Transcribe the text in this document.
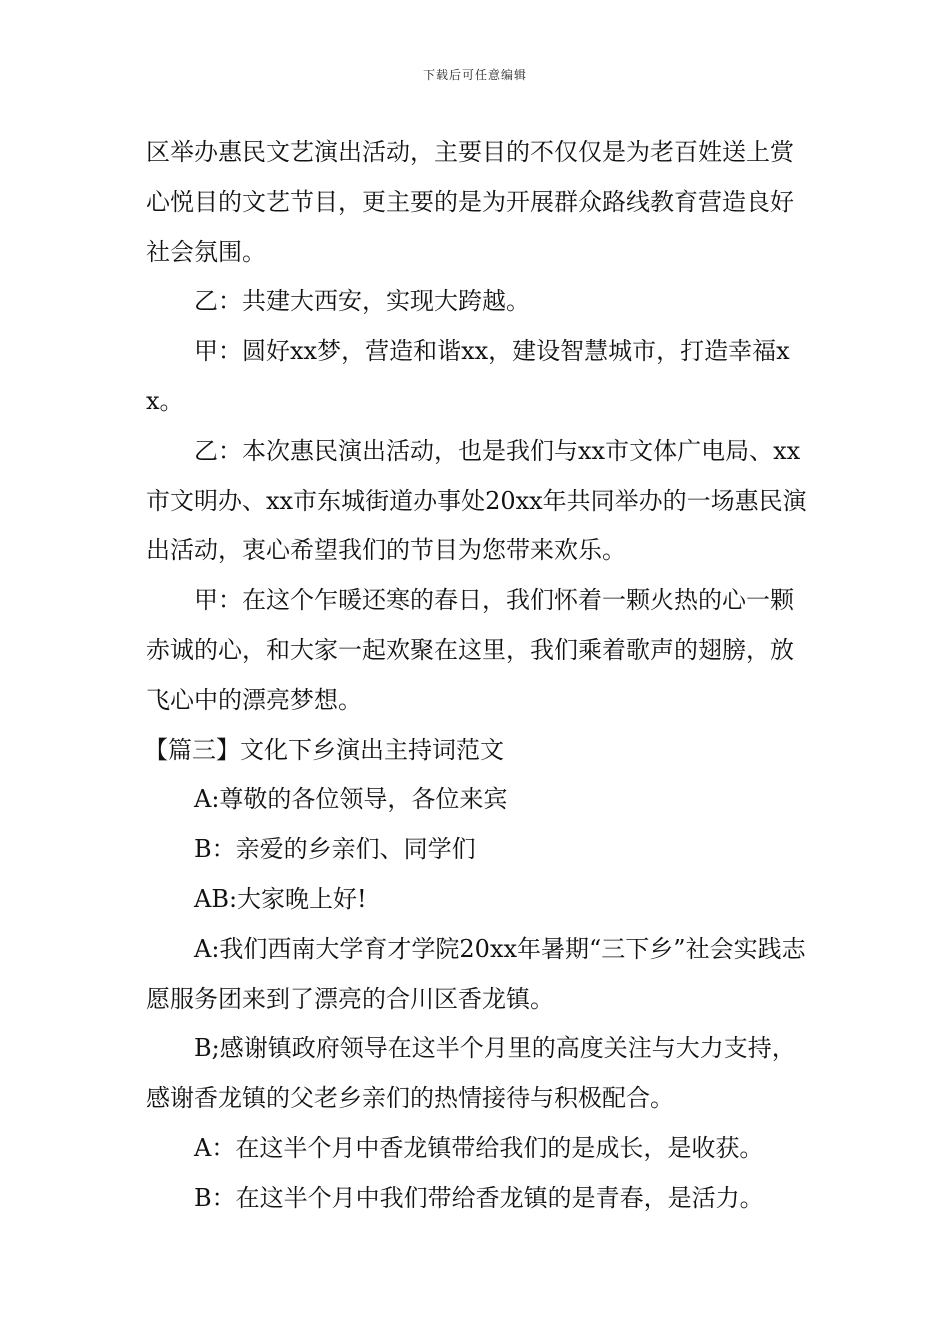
下载后可任意编辑

区举办惠民文艺演出活动，主要目的不仅仅是为老百姓送上赏心悦目的文艺节目，更主要的是为开展群众路线教育营造良好社会氛围。

乙：共建大西安，实现大跨越。

甲：圆好xx梦，营造和谐xx，建设智慧城市，打造幸福xx。

乙：本次惠民演出活动，也是我们与xx市文体广电局、xx市文明办、xx市东城街道办事处20xx年共同举办的一场惠民演出活动，衷心希望我们的节目为您带来欢乐。

甲：在这个乍暖还寒的春日，我们怀着一颗火热的心一颗赤诚的心，和大家一起欢聚在这里，我们乘着歌声的翅膀，放飞心中的漂亮梦想。

【篇三】文化下乡演出主持词范文

A:尊敬的各位领导，各位来宾

B：亲爱的乡亲们、同学们

AB:大家晚上好!

A:我们西南大学育才学院20xx年暑期“三下乡”社会实践志愿服务团来到了漂亮的合川区香龙镇。

B;感谢镇政府领导在这半个月里的高度关注与大力支持，感谢香龙镇的父老乡亲们的热情接待与积极配合。

A：在这半个月中香龙镇带给我们的是成长，是收获。

B：在这半个月中我们带给香龙镇的是青春，是活力。
